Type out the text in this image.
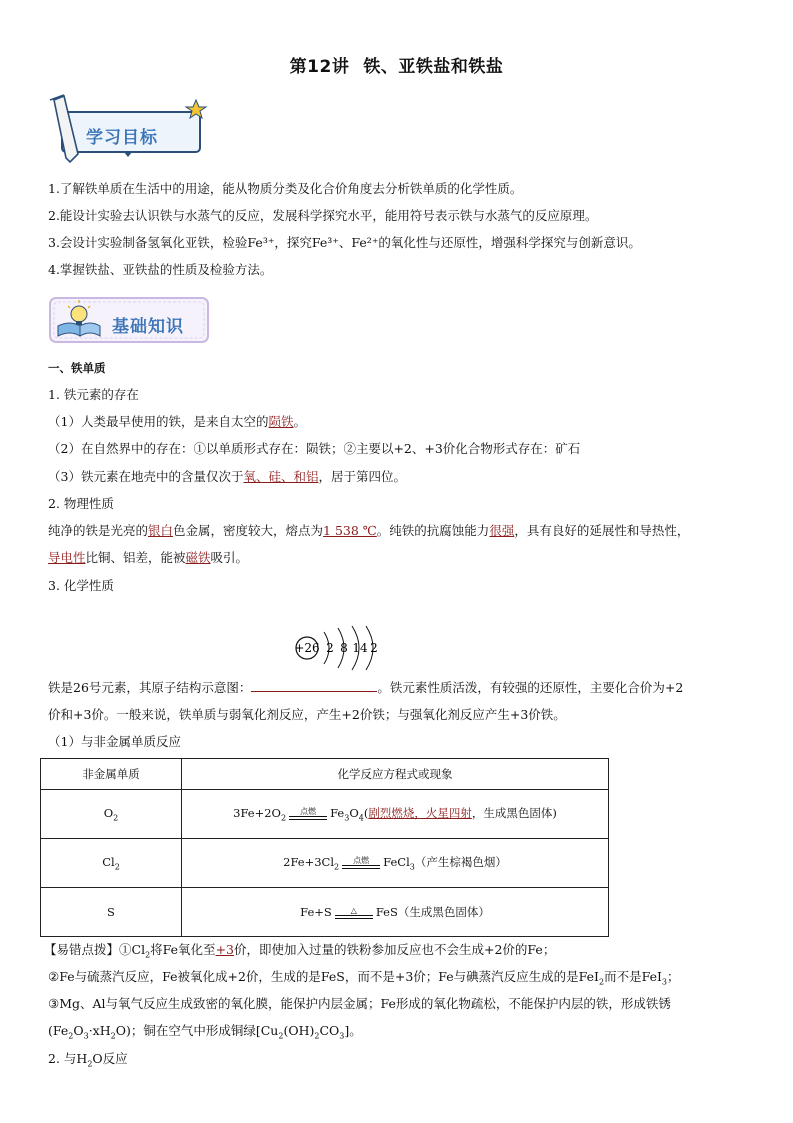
第12讲 铁、亚铁盐和铁盐
学习目标
1.了解铁单质在生活中的用途，能从物质分类及化合价角度去分析铁单质的化学性质。
2.能设计实验去认识铁与水蒸气的反应，发展科学探究水平，能用符号表示铁与水蒸气的反应原理。
3.会设计实验制备氢氧化亚铁，检验Fe³⁺，探究Fe³⁺、Fe²⁺的氧化性与还原性，增强科学探究与创新意识。
4.掌握铁盐、亚铁盐的性质及检验方法。
基础知识
一、铁单质
1. 铁元素的存在
（1）人类最早使用的铁，是来自太空的陨铁。
（2）在自然界中的存在：①以单质形式存在：陨铁；②主要以+2、+3价化合物形式存在：矿石
（3）铁元素在地壳中的含量仅次于氧、硅、和铝，居于第四位。
2. 物理性质
纯净的铁是光亮的银白色金属，密度较大，熔点为1 538 ℃。纯铁的抗腐蚀能力很强，具有良好的延展性和导热性，
导电性比铜、铝差，能被磁铁吸引。
3. 化学性质
+26 2 8 14 2
铁是26号元素，其原子结构示意图：	。铁元素性质活泼，有较强的还原性，主要化合价为+2
价和+3价。一般来说，铁单质与弱氧化剂反应，产生+2价铁；与强氧化剂反应产生+3价铁。
（1）与非金属单质反应
非金属单质	化学反应方程式或现象
$O_2$	$3Fe+2O_2$
点燃 $Fe_3O_4$(剧烈燃烧，火星四射，生成黑色固体)

$Cl_2$	$2Fe+3Cl_2$
点燃 FeCl$_3$（产生棕褐色烟）

S	Fe+S △ FeS（生成黑色固体）
【易错点拨】$①Cl_2$将Fe氧化至+3价，即使加入过量的铁粉参加反应也不会生成+2价的Fe；
②Fe与硫蒸汽反应，Fe被氧化成+2价，生成的是FeS，而不是+3价；Fe与碘蒸汽反应生成的是FeI$_2$而不是FeI$_3$；
③Mg、Al与氧气反应生成致密的氧化膜，能保护内层金属；Fe形成的氧化物疏松，不能保护内层的铁，形成铁锈
$(Fe_2O_3\cdot xH_2O)$；铜在空气中形成铜绿$[Cu_2(OH)_2CO_3]$。
2. 与$H_2O$反应
